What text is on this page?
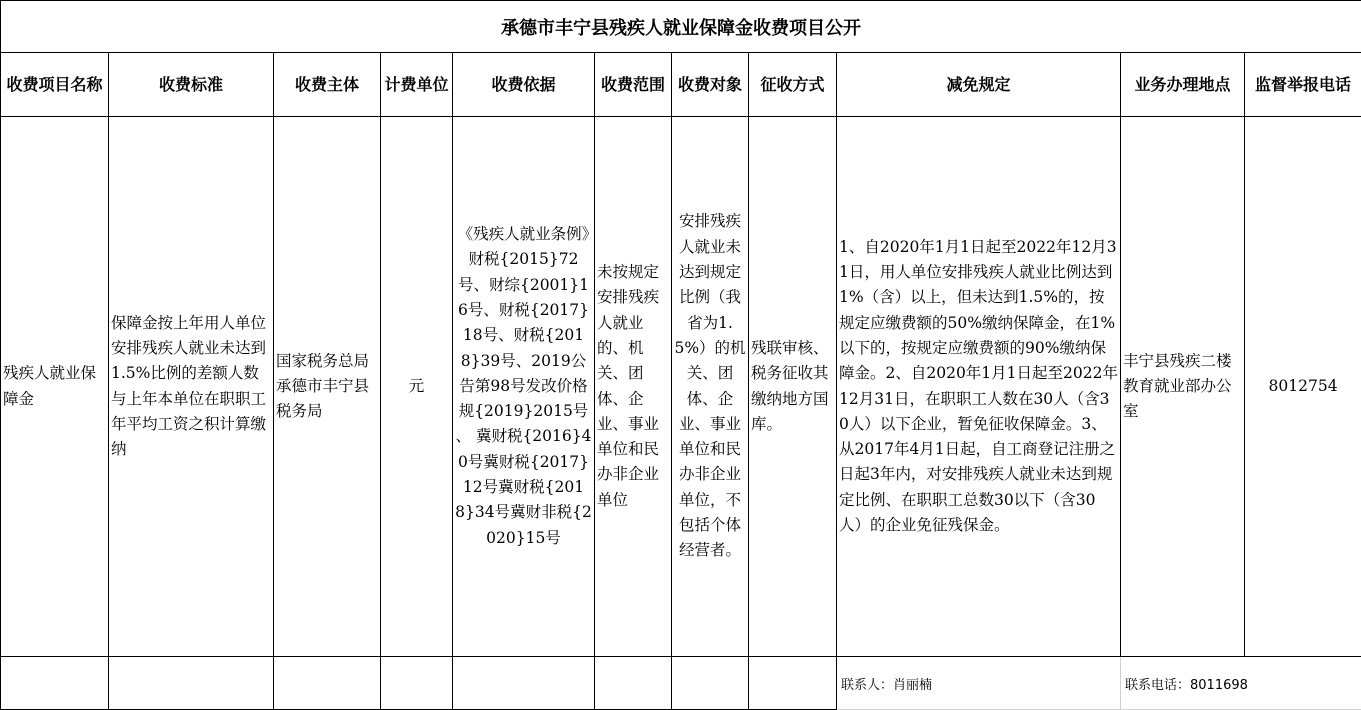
承德市丰宁县残疾人就业保障金收费项目公开										
收费项目名称	收费标准	收费主体	计费单位	收费依据	收费范围	收费对象	征收方式	减免规定	业务办理地点	监督举报电话
残疾人就业保障金	保障金按上年用人单位安排残疾人就业未达到1.5%比例的差额人数与上年本单位在职职工年平均工资之积计算缴纳	国家税务总局承德市丰宁县税务局	元	《残疾人就业条例》财税{2015}72号、财综{2001}16号、财税{2017}18号、财税{2018}39号、2019公告第98号发改价格规{2019}2015号 、 冀财税{2016}40号冀财税{2017}12号冀财税{2018}34号冀财非税{2020}15号	未按规定安排残疾人就业的、机关、团体、企业、事业单位和民办非企业单位	安排残疾人就业未达到规定比例（我省为1.5%）的机关、团体、企业、事业单位和民办非企业单位，不包括个体经营者。	残联审核、税务征收其缴纳地方国库。	1、自2020年1月1日起至2022年12月31日，用人单位安排残疾人就业比例达到1%（含）以上，但未达到1.5%的，按规定应缴费额的50%缴纳保障金，在1%以下的，按规定应缴费额的90%缴纳保障金。2、自2020年1月1日起至2022年12月31日，在职职工人数在30人（含30人）以下企业，暂免征收保障金。3、从2017年4月1日起，自工商登记注册之日起3年内，对安排残疾人就业未达到规定比例、在职职工总数30以下（含30人）的企业免征残保金。	丰宁县残疾二楼教育就业部办公室	8012754
								联系人：肖丽楠	联系电话：8011698	
